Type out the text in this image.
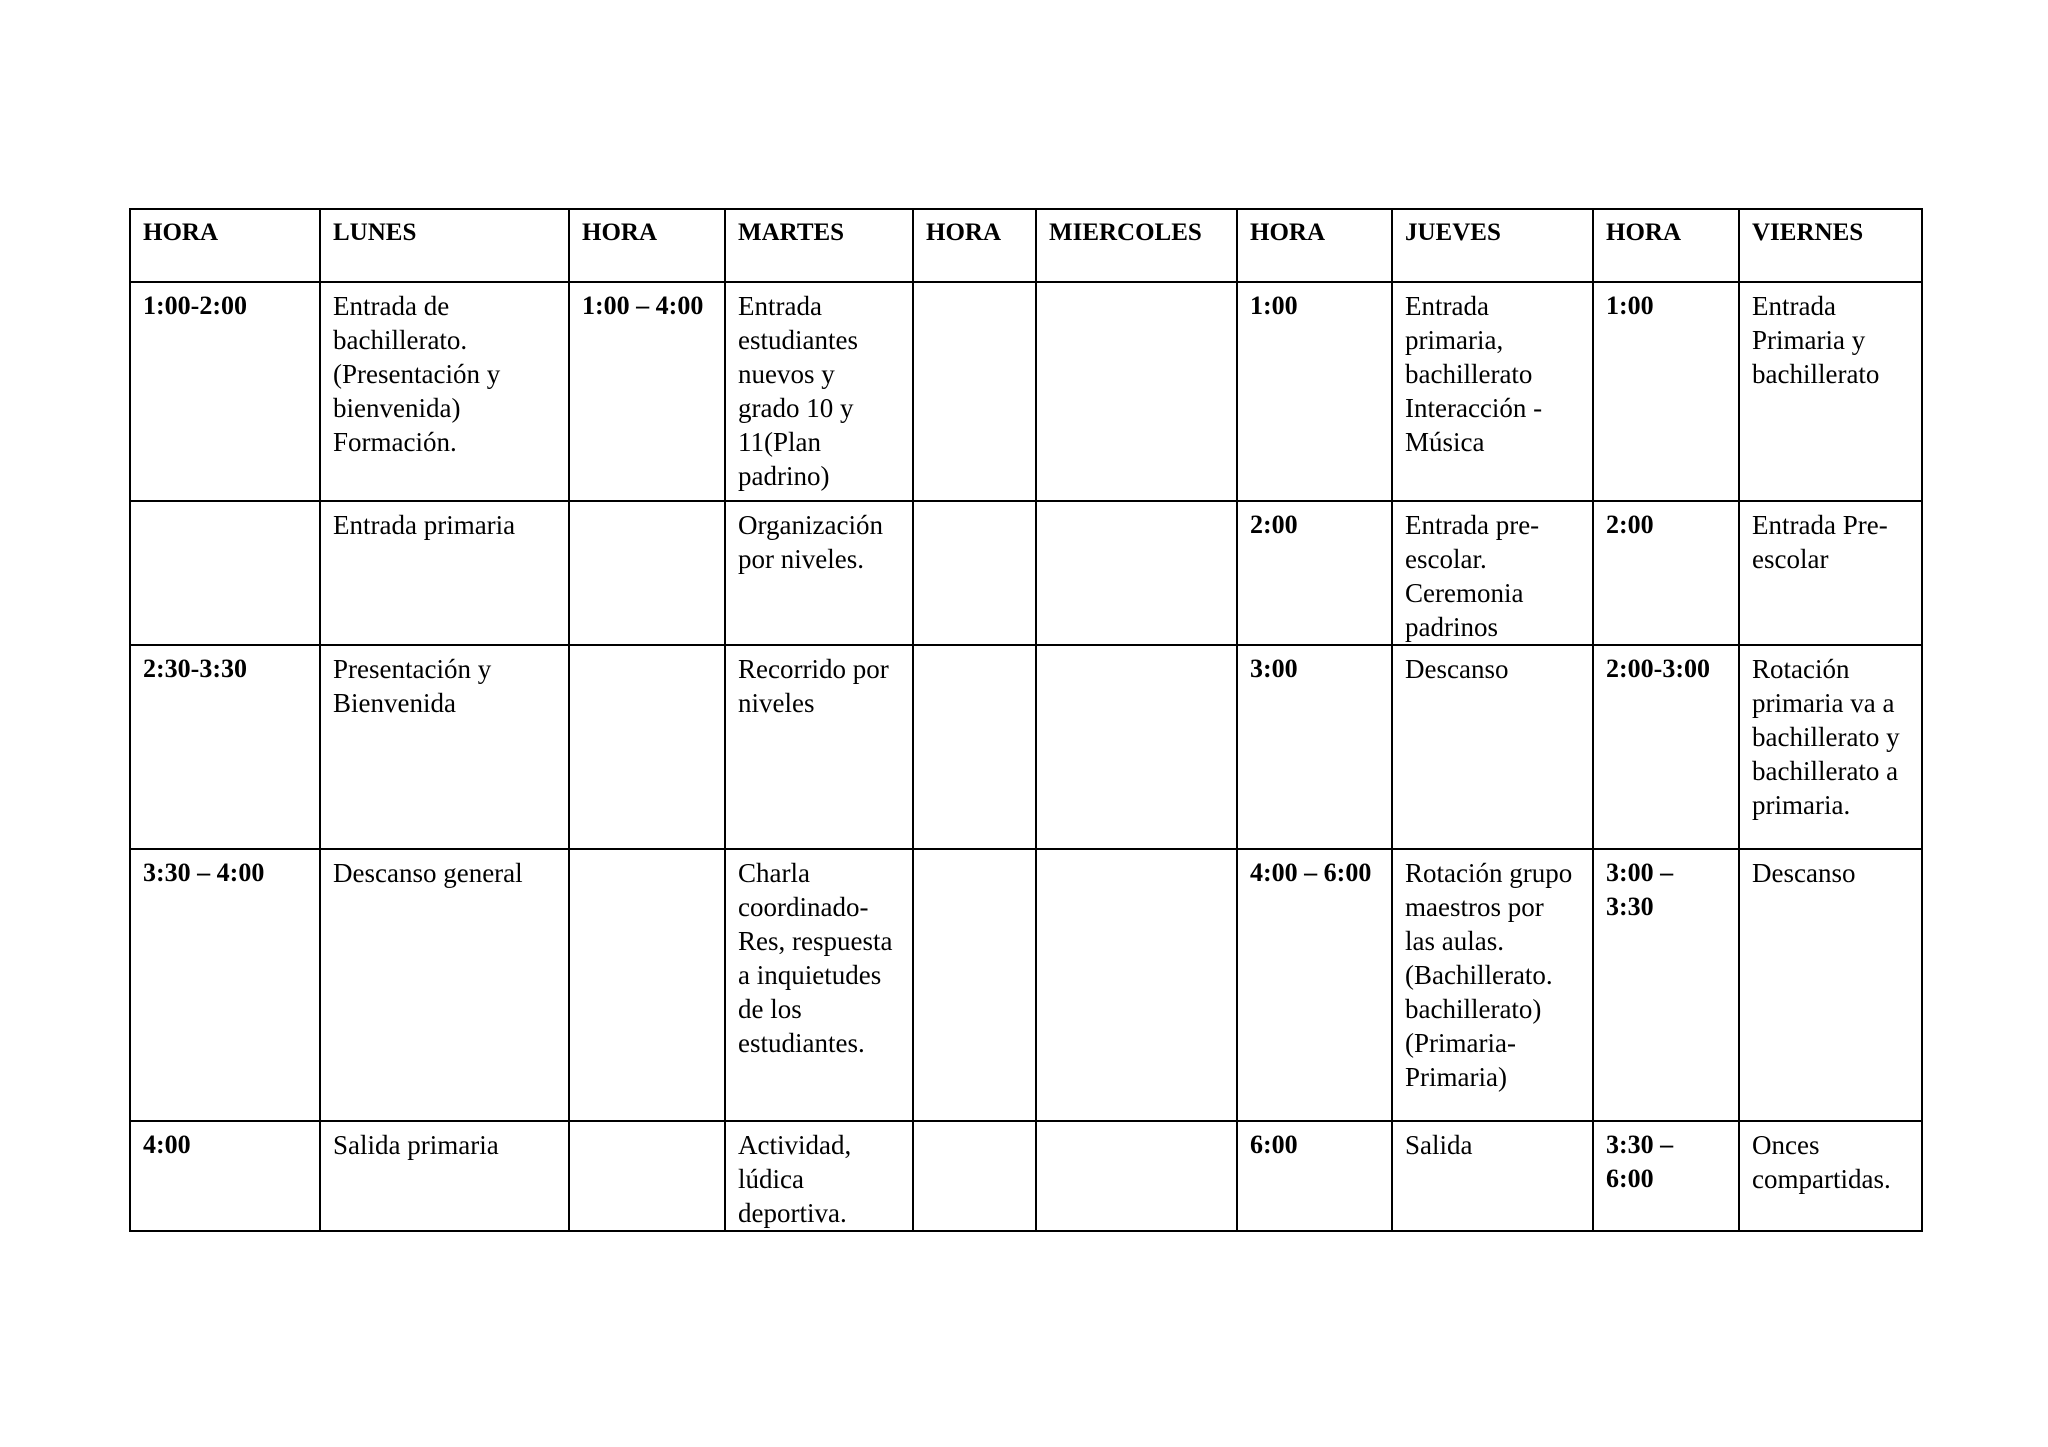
HORA	LUNES	HORA	MARTES	HORA	MIERCOLES	HORA	JUEVES	HORA	VIERNES
1:00-2:00	Entrada de bachillerato. (Presentación y bienvenida) Formación.	1:00 – 4:00	Entrada estudiantes nuevos y grado 10 y 11(Plan padrino)			1:00	Entrada primaria, bachillerato Interacción - Música	1:00	Entrada Primaria y bachillerato
	Entrada primaria		Organización por niveles.			2:00	Entrada pre-escolar. Ceremonia padrinos	2:00	Entrada Pre-escolar
2:30-3:30	Presentación y Bienvenida		Recorrido por niveles			3:00	Descanso	2:00-3:00	Rotación primaria va a bachillerato y bachillerato a primaria.
3:30 – 4:00	Descanso general		Charla coordinado-Res, respuesta a inquietudes de los estudiantes.			4:00 – 6:00	Rotación grupo maestros por las aulas. (Bachillerato. bachillerato) (Primaria-Primaria)	3:00 – 3:30	Descanso
4:00	Salida primaria		Actividad, lúdica deportiva.			6:00	Salida	3:30 – 6:00	Onces compartidas.
